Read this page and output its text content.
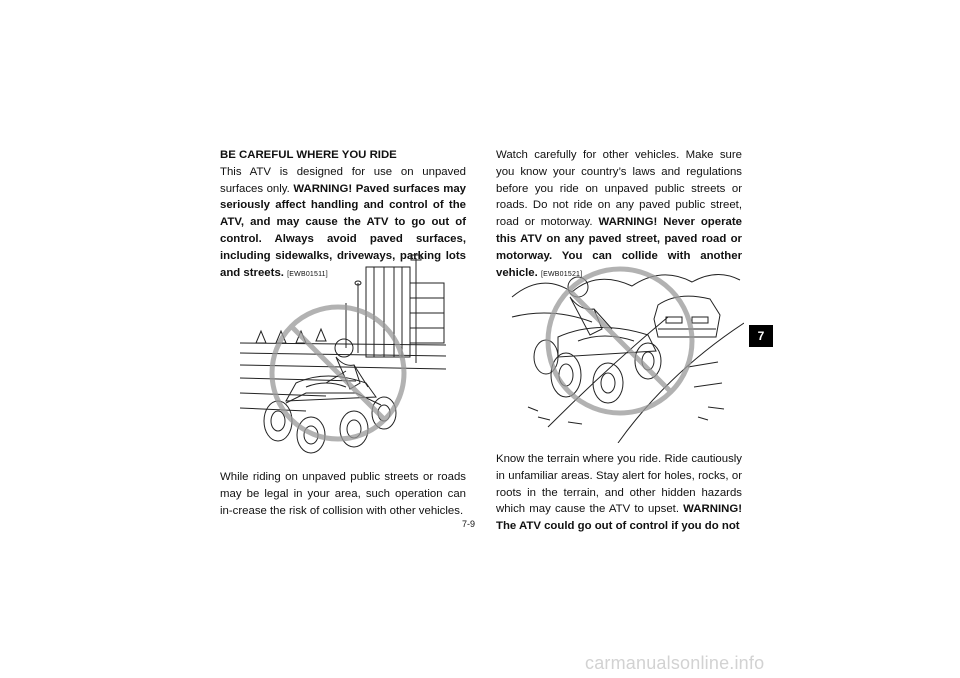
BE CAREFUL WHERE YOU RIDE

This ATV is designed for use on unpaved surfaces only. WARNING! Paved surfaces may seriously affect handling and control of the ATV, and may cause the ATV to go out of control. Always avoid paved surfaces, including sidewalks, driveways, parking lots and streets. [EWB01511]

While riding on unpaved public streets or roads may be legal in your area, such operation can in-crease the risk of collision with other vehicles.

Watch carefully for other vehicles. Make sure you know your country’s laws and regulations before you ride on unpaved public streets or roads. Do not ride on any paved public street, road or motorway. WARNING! Never operate this ATV on any paved street, paved road or motorway. You can collide with another vehicle. [EWB01521]

Know the terrain where you ride. Ride cautiously in unfamiliar areas. Stay alert for holes, rocks, or roots in the terrain, and other hidden hazards which may cause the ATV to upset. WARNING! The ATV could go out of control if you do not

7-9
7
carmanualsonline.info
